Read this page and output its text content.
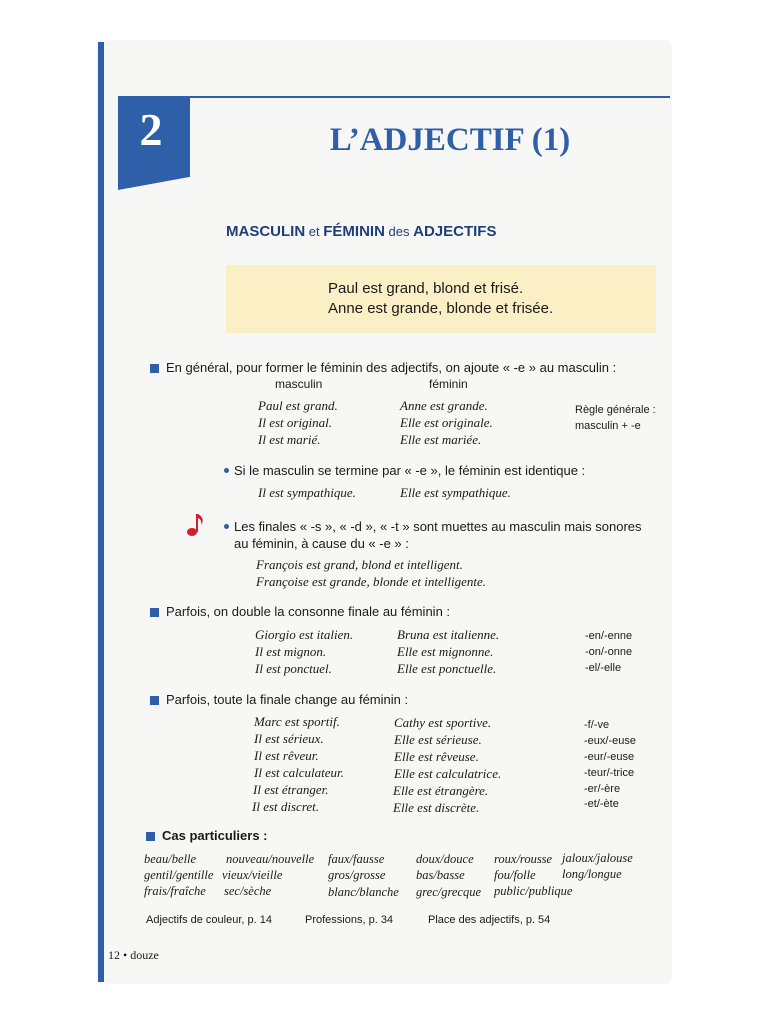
2	L’ADJECTIF (1)
MASCULIN et FÉMININ des ADJECTIFS
Paul est grand, blond et frisé.
Anne est grande, blonde et frisée.
En général, pour former le féminin des adjectifs, on ajoute « -e » au masculin :
masculin	féminin
Paul est grand.	Anne est grande.
Il est original.	Elle est originale.
Il est marié.	Elle est mariée.
Règle générale :
masculin + -e
Si le masculin se termine par « -e », le féminin est identique :
Il est sympathique.	Elle est sympathique.
Les finales « -s », « -d », « -t » sont muettes au masculin mais sonores
au féminin, à cause du « -e » :
François est grand, blond et intelligent.
Françoise est grande, blonde et intelligente.
Parfois, on double la consonne finale au féminin :
Giorgio est italien.	Bruna est italienne.	-en/-enne
Il est mignon.	Elle est mignonne.	-on/-onne
Il est ponctuel.	Elle est ponctuelle.	-el/-elle
Parfois, toute la finale change au féminin :
Marc est sportif.	Cathy est sportive.	-f/-ve
Il est sérieux.	Elle est sérieuse.	-eux/-euse
Il est rêveur.	Elle est rêveuse.	-eur/-euse
Il est calculateur.	Elle est calculatrice.	-teur/-trice
Il est étranger.	Elle est étrangère.	-er/-ère
Il est discret.	Elle est discrète.	-et/-ète
Cas particuliers :
beau/belle nouveau/nouvelle faux/fausse	doux/douce roux/rousse jaloux/jalouse
gentil/gentille vieux/vieille	gros/grosse bas/basse fou/folle long/longue
frais/fraîche sec/sèche	blanc/blanche grec/grecque public/publique
Adjectifs de couleur, p. 14	Professions, p. 34	Place des adjectifs, p. 54
12 • douze
